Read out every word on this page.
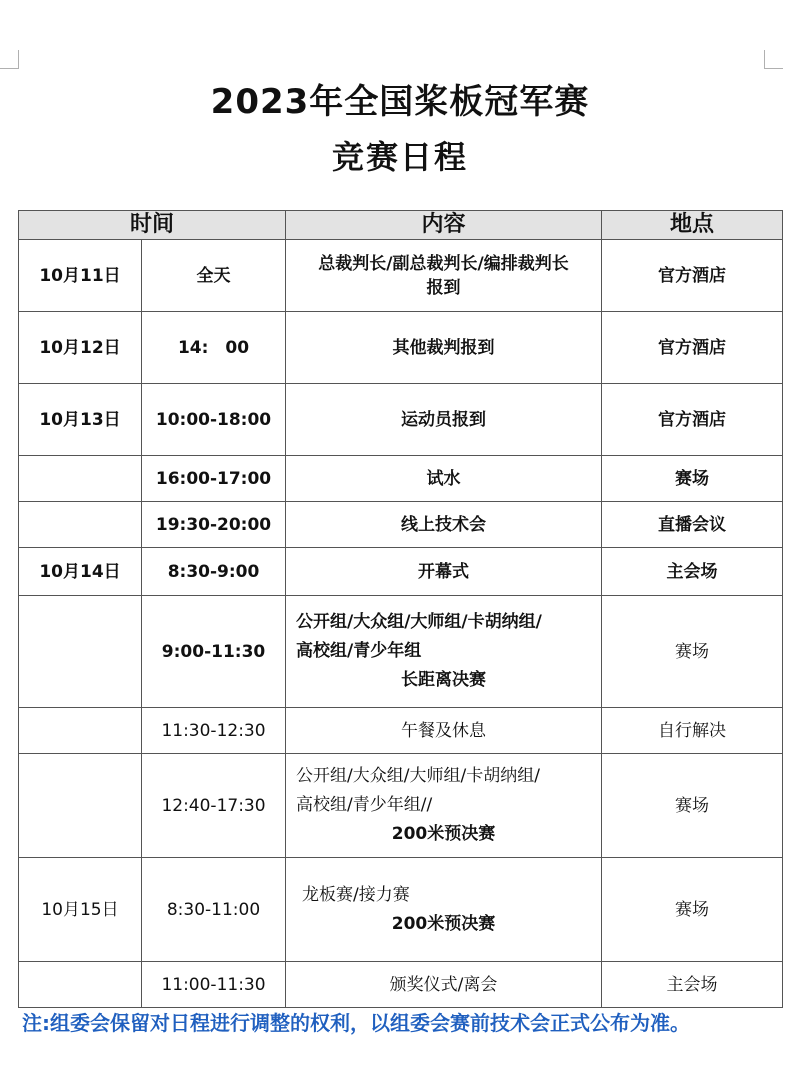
2023年全国桨板冠军赛
竞赛日程
时间		内容	地点
10月11日	全天	总裁判长/副总裁判长/编排裁判长
报到	官方酒店
10月12日	14:　00	其他裁判报到	官方酒店
10月13日	10:00-18:00	运动员报到	官方酒店
	16:00-17:00	试水	赛场
	19:30-20:00	线上技术会	直播会议
10月14日	8:30-9:00	开幕式	主会场
	9:00-11:30	公开组/大众组/大师组/卡胡纳组/
高校组/青少年组
长距离决赛	赛场
	11:30-12:30	午餐及休息	自行解决
	12:40-17:30	公开组/大众组/大师组/卡胡纳组/
高校组/青少年组//
200米预决赛	赛场
10月15日	8:30-11:00	龙板赛/接力赛
200米预决赛	赛场
	11:00-11:30	颁奖仪式/离会	主会场
注:组委会保留对日程进行调整的权利，以组委会赛前技术会正式公布为准。
